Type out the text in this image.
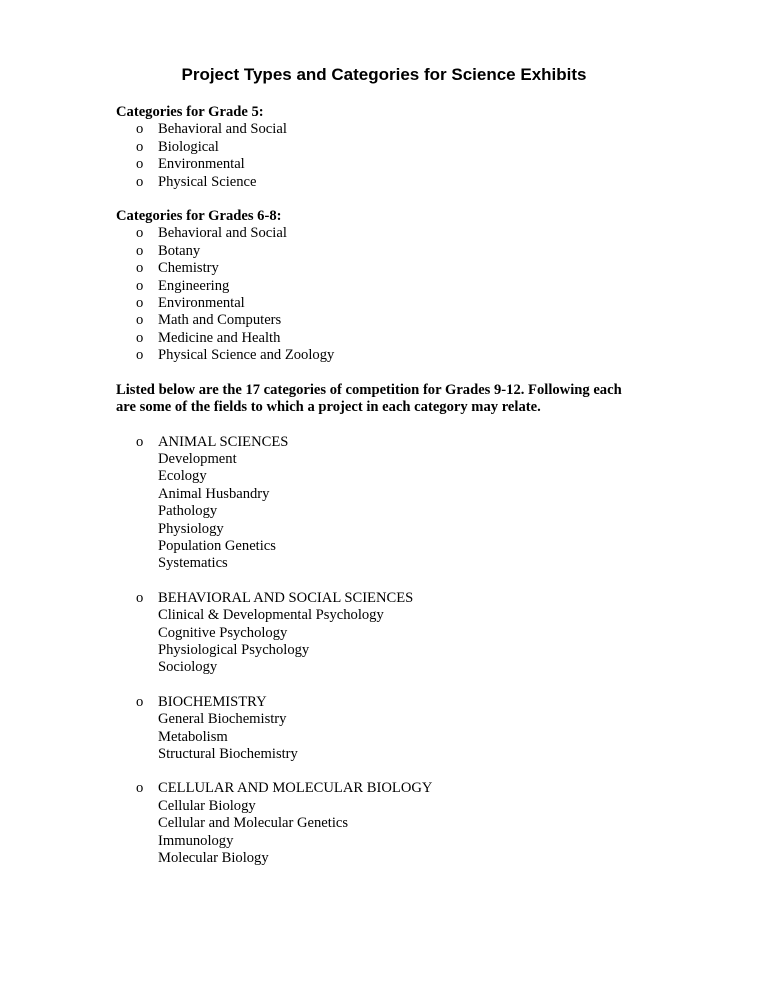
Project Types and Categories for Science Exhibits

Categories for Grade 5:

o Behavioral and Social
o Biological
o Environmental
o Physical Science

Categories for Grades 6-8:

o Behavioral and Social
o Botany
o Chemistry
o Engineering
o Environmental
o Math and Computers
o Medicine and Health
o Physical Science and Zoology

Listed below are the 17 categories of competition for Grades 9-12. Following each
are some of the fields to which a project in each category may relate.

o ANIMAL SCIENCES
Development
Ecology
Animal Husbandry
Pathology
Physiology
Population Genetics
Systematics
o BEHAVIORAL AND SOCIAL SCIENCES
Clinical & Developmental Psychology
Cognitive Psychology
Physiological Psychology
Sociology
o BIOCHEMISTRY
General Biochemistry
Metabolism
Structural Biochemistry
o CELLULAR AND MOLECULAR BIOLOGY
Cellular Biology
Cellular and Molecular Genetics
Immunology
Molecular Biology
